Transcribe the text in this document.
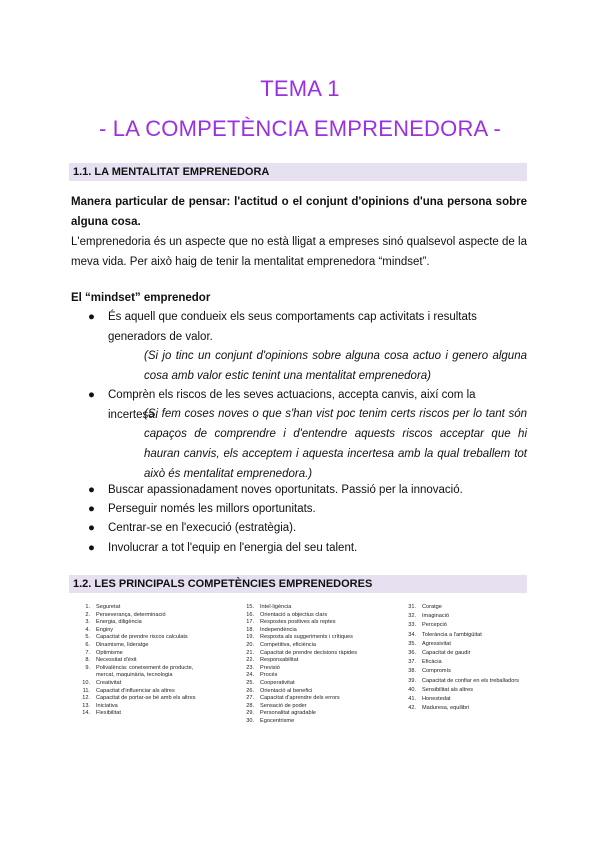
TEMA 1
- LA COMPETÈNCIA EMPRENEDORA -
1.1. LA MENTALITAT EMPRENEDORA
Manera particular de pensar: l'actitud o el conjunt d'opinions d'una persona sobre alguna cosa.
L'emprenedoria és un aspecte que no està lligat a empreses sinó qualsevol aspecte de la meva vida. Per això haig de tenir la mentalitat emprenedora “mindset”.
El “mindset” emprenedor
● És aquell que condueix els seus comportaments cap activitats i resultats generadors de valor.
(Si jo tinc un conjunt d'opinions sobre alguna cosa actuo i genero alguna cosa amb valor estic tenint una mentalitat emprenedora)
● Comprèn els riscos de les seves actuacions, accepta canvis, així com la incertesa.
(Si fem coses noves o que s'han vist poc tenim certs riscos per lo tant són capaços de comprendre i d'entendre aquests riscos acceptar que hi hauran canvis, els acceptem i aquesta incertesa amb la qual treballem tot això és mentalitat emprenedora.)
● Buscar apassionadament noves oportunitats. Passió per la innovació.
● Perseguir només les millors oportunitats.
● Centrar-se en l'execució (estratègia).
● Involucrar a tot l'equip en l'energia del seu talent.
1.2. LES PRINCIPALS COMPETÈNCIES EMPRENEDORES
1. Seguretat
2. Perseverança, determinació
3. Energia, diligència
4. Enginy
5. Capacitat de prendre riscos calculats
6. Dinamisme, lideratge
7. Optimisme
8. Necessitat d'èxit
9. Polivalència: coneixement de producte, mercat, maquinària, tecnologia
10. Creativitat
11. Capacitat d'influenciar als altres
12. Capacitat de portar-se bé amb els altres
13. Iniciativa
14. Flexibilitat
15. Intel·ligència
16. Orientació a objectius clars
17. Respostes positives als reptes
18. Independència
19. Resposta als suggeriments i crítiques
20. Competitiva, eficiència
21. Capacitat de prendre decisions ràpides
22. Responsabilitat
23. Previsió
24. Procés
25. Cooperativitat
26. Orientació al benefici
27. Capacitat d'aprendre dels errors
28. Sensació de poder
29. Personalitat agradable
30. Egocentrisme
31. Coratge
32. Imaginació
33. Percepció
34. Tolerància a l'ambigüitat
35. Agressivitat
36. Capacitat de gaudir
37. Eficàcia
38. Compromís
39. Capacitat de confiar en els treballadors
40. Sensibilitat als altres
41. Honestedat
42. Maduresa, equilibri
